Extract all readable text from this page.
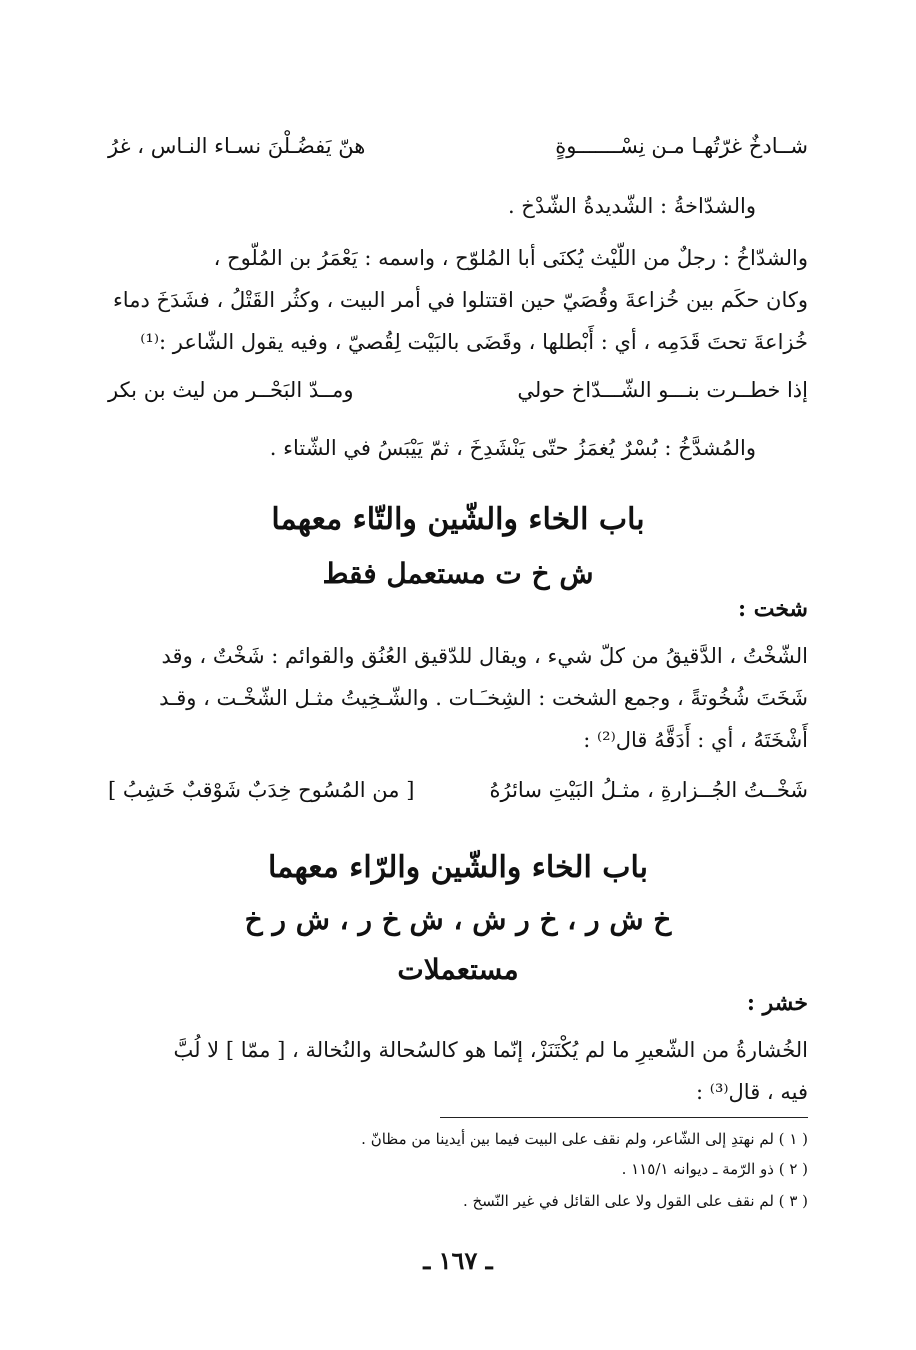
شــادخٌ غرّتُهـا مـن نِسْـــــــوةٍ
هنّ يَفضُـلْنَ نسـاء النـاس ، غرُ
والشدّاخةُ : الشّديدةُ الشّدْخ .
والشدّاخُ : رجلٌ من اللّيْث يُكنَى أبا المُلوّح ، واسمه : يَعْمَرُ بن المُلّوح ،
وكان حكَم بين خُزاعةَ وقُصَيّ حين اقتتلوا في أمر البيت ، وكثُر القَتْلُ ، فشَدَخَ دماء
خُزاعةَ تحتَ قَدَمِه ، أي : أَبْطلها ، وقَضَى بالبَيْت لِقُصيّ ، وفيه يقول الشّاعر :⁽¹⁾
إذا خطــرت بنـــو الشّـــدّاخ حولي
ومــدّ البَحْــر من ليث بن بكر
والمُشدَّخُ : بُسْرٌ يُغمَزُ حتّى يَنْشَدِخَ ، ثمّ يَيْبَسُ في الشّتاء .
باب الخاء والشّين والتّاء معهما
ش خ ت مستعمل فقط
شخت :
الشّخْتُ ، الدَّقيقُ من كلّ شيء ، ويقال للدّقيق العُنُق والقوائم : شَخْتٌ ، وقد
شَخَتَ شُخُوتةً ، وجمع الشخت : الشِخـَـات . والشّـخِيتُ مثـل الشّخْـت ، وقـد
أَشْخَتَهُ ، أي : أَدَقَّهُ قال⁽²⁾ :
شَخْــتُ الجُــزارةِ ، مثـلُ البَيْتِ سائرُهُ
[ من المُسُوح خِدَبٌ شَوْقبٌ خَشِبُ ]
باب الخاء والشّين والرّاء معهما
خ ش ر ، خ ر ش ، ش خ ر ، ش ر خ
مستعملات
خشر :
الخُشارةُ من الشّعيرِ ما لم يُكْتَنَزْ، إنّما هو كالسُحالة والنُخالة ، [ ممّا ] لا لُبَّ
فيه ، قال⁽³⁾ :
( ١ ) لم نهتدِ إلى الشّاعر، ولم نقف على البيت فيما بين أيدينا من مظانّ .
( ٢ ) ذو الرّمة ـ ديوانه ١١٥/١ .
( ٣ ) لم نقف على القول ولا على القائل في غير النّسخ .
ـ ١٦٧ ـ
